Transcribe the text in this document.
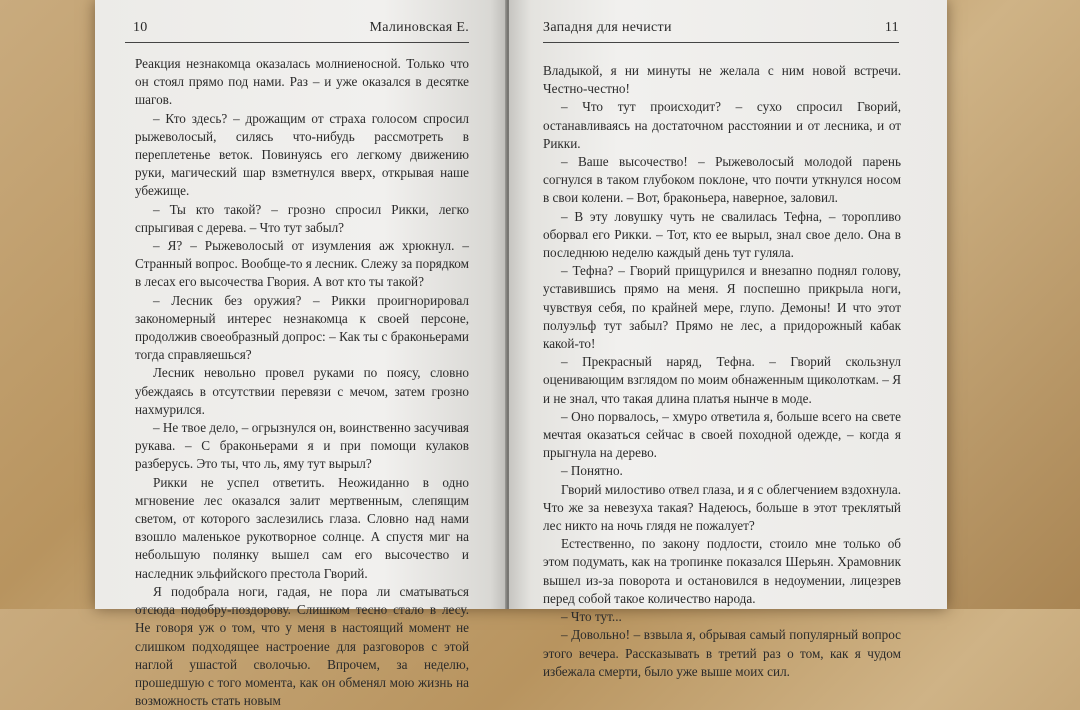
10	Малиновская Е.

Реакция незнакомца оказалась молниеносной. Только что он стоял прямо под нами. Раз – и уже оказался в десятке шагов.

– Кто здесь? – дрожащим от страха голосом спросил рыжеволосый, силясь что-нибудь рассмотреть в переплетенье веток. Повинуясь его легкому движению руки, магический шар взметнулся вверх, открывая наше убежище.

– Ты кто такой? – грозно спросил Рикки, легко спрыгивая с дерева. – Что тут забыл?

– Я? – Рыжеволосый от изумления аж хрюкнул. – Странный вопрос. Вообще-то я лесник. Слежу за порядком в лесах его высочества Гвория. А вот кто ты такой?

– Лесник без оружия? – Рикки проигнорировал закономерный интерес незнакомца к своей персоне, продолжив своеобразный допрос: – Как ты с браконьерами тогда справляешься?

Лесник невольно провел руками по поясу, словно убеждаясь в отсутствии перевязи с мечом, затем грозно нахмурился.

– Не твое дело, – огрызнулся он, воинственно засучивая рукава. – С браконьерами я и при помощи кулаков разберусь. Это ты, что ль, яму тут вырыл?

Рикки не успел ответить. Неожиданно в одно мгновение лес оказался залит мертвенным, слепящим светом, от которого заслезились глаза. Словно над нами взошло маленькое рукотворное солнце. А спустя миг на небольшую полянку вышел сам его высочество и наследник эльфийского престола Гворий.

Я подобрала ноги, гадая, не пора ли сматываться отсюда подобру-поздорову. Слишком тесно стало в лесу. Не говоря уж о том, что у меня в настоящий момент не слишком подходящее настроение для разговоров с этой наглой ушастой сволочью. Впрочем, за неделю, прошедшую с того момента, как он обменял мою жизнь на возможность стать новым

Западня для нечисти	11

Владыкой, я ни минуты не желала с ним новой встречи. Честно-честно!

– Что тут происходит? – сухо спросил Гворий, останавливаясь на достаточном расстоянии и от лесника, и от Рикки.

– Ваше высочество! – Рыжеволосый молодой парень согнулся в таком глубоком поклоне, что почти уткнулся носом в свои колени. – Вот, браконьера, наверное, заловил.

– В эту ловушку чуть не свалилась Тефна, – торопливо оборвал его Рикки. – Тот, кто ее вырыл, знал свое дело. Она в последнюю неделю каждый день тут гуляла.

– Тефна? – Гворий прищурился и внезапно поднял голову, уставившись прямо на меня. Я поспешно прикрыла ноги, чувствуя себя, по крайней мере, глупо. Демоны! И что этот полуэльф тут забыл? Прямо не лес, а придорожный кабак какой-то!

– Прекрасный наряд, Тефна. – Гворий скользнул оценивающим взглядом по моим обнаженным щиколоткам. – Я и не знал, что такая длина платья нынче в моде.

– Оно порвалось, – хмуро ответила я, больше всего на свете мечтая оказаться сейчас в своей походной одежде, – когда я прыгнула на дерево.

– Понятно.

Гворий милостиво отвел глаза, и я с облегчением вздохнула. Что же за невезуха такая? Надеюсь, больше в этот треклятый лес никто на ночь глядя не пожалует?

Естественно, по закону подлости, стоило мне только об этом подумать, как на тропинке показался Шерьян. Храмовник вышел из-за поворота и остановился в недоумении, лицезрев перед собой такое количество народа.

– Что тут...

– Довольно! – взвыла я, обрывая самый популярный вопрос этого вечера. Рассказывать в третий раз о том, как я чудом избежала смерти, было уже выше моих сил.
